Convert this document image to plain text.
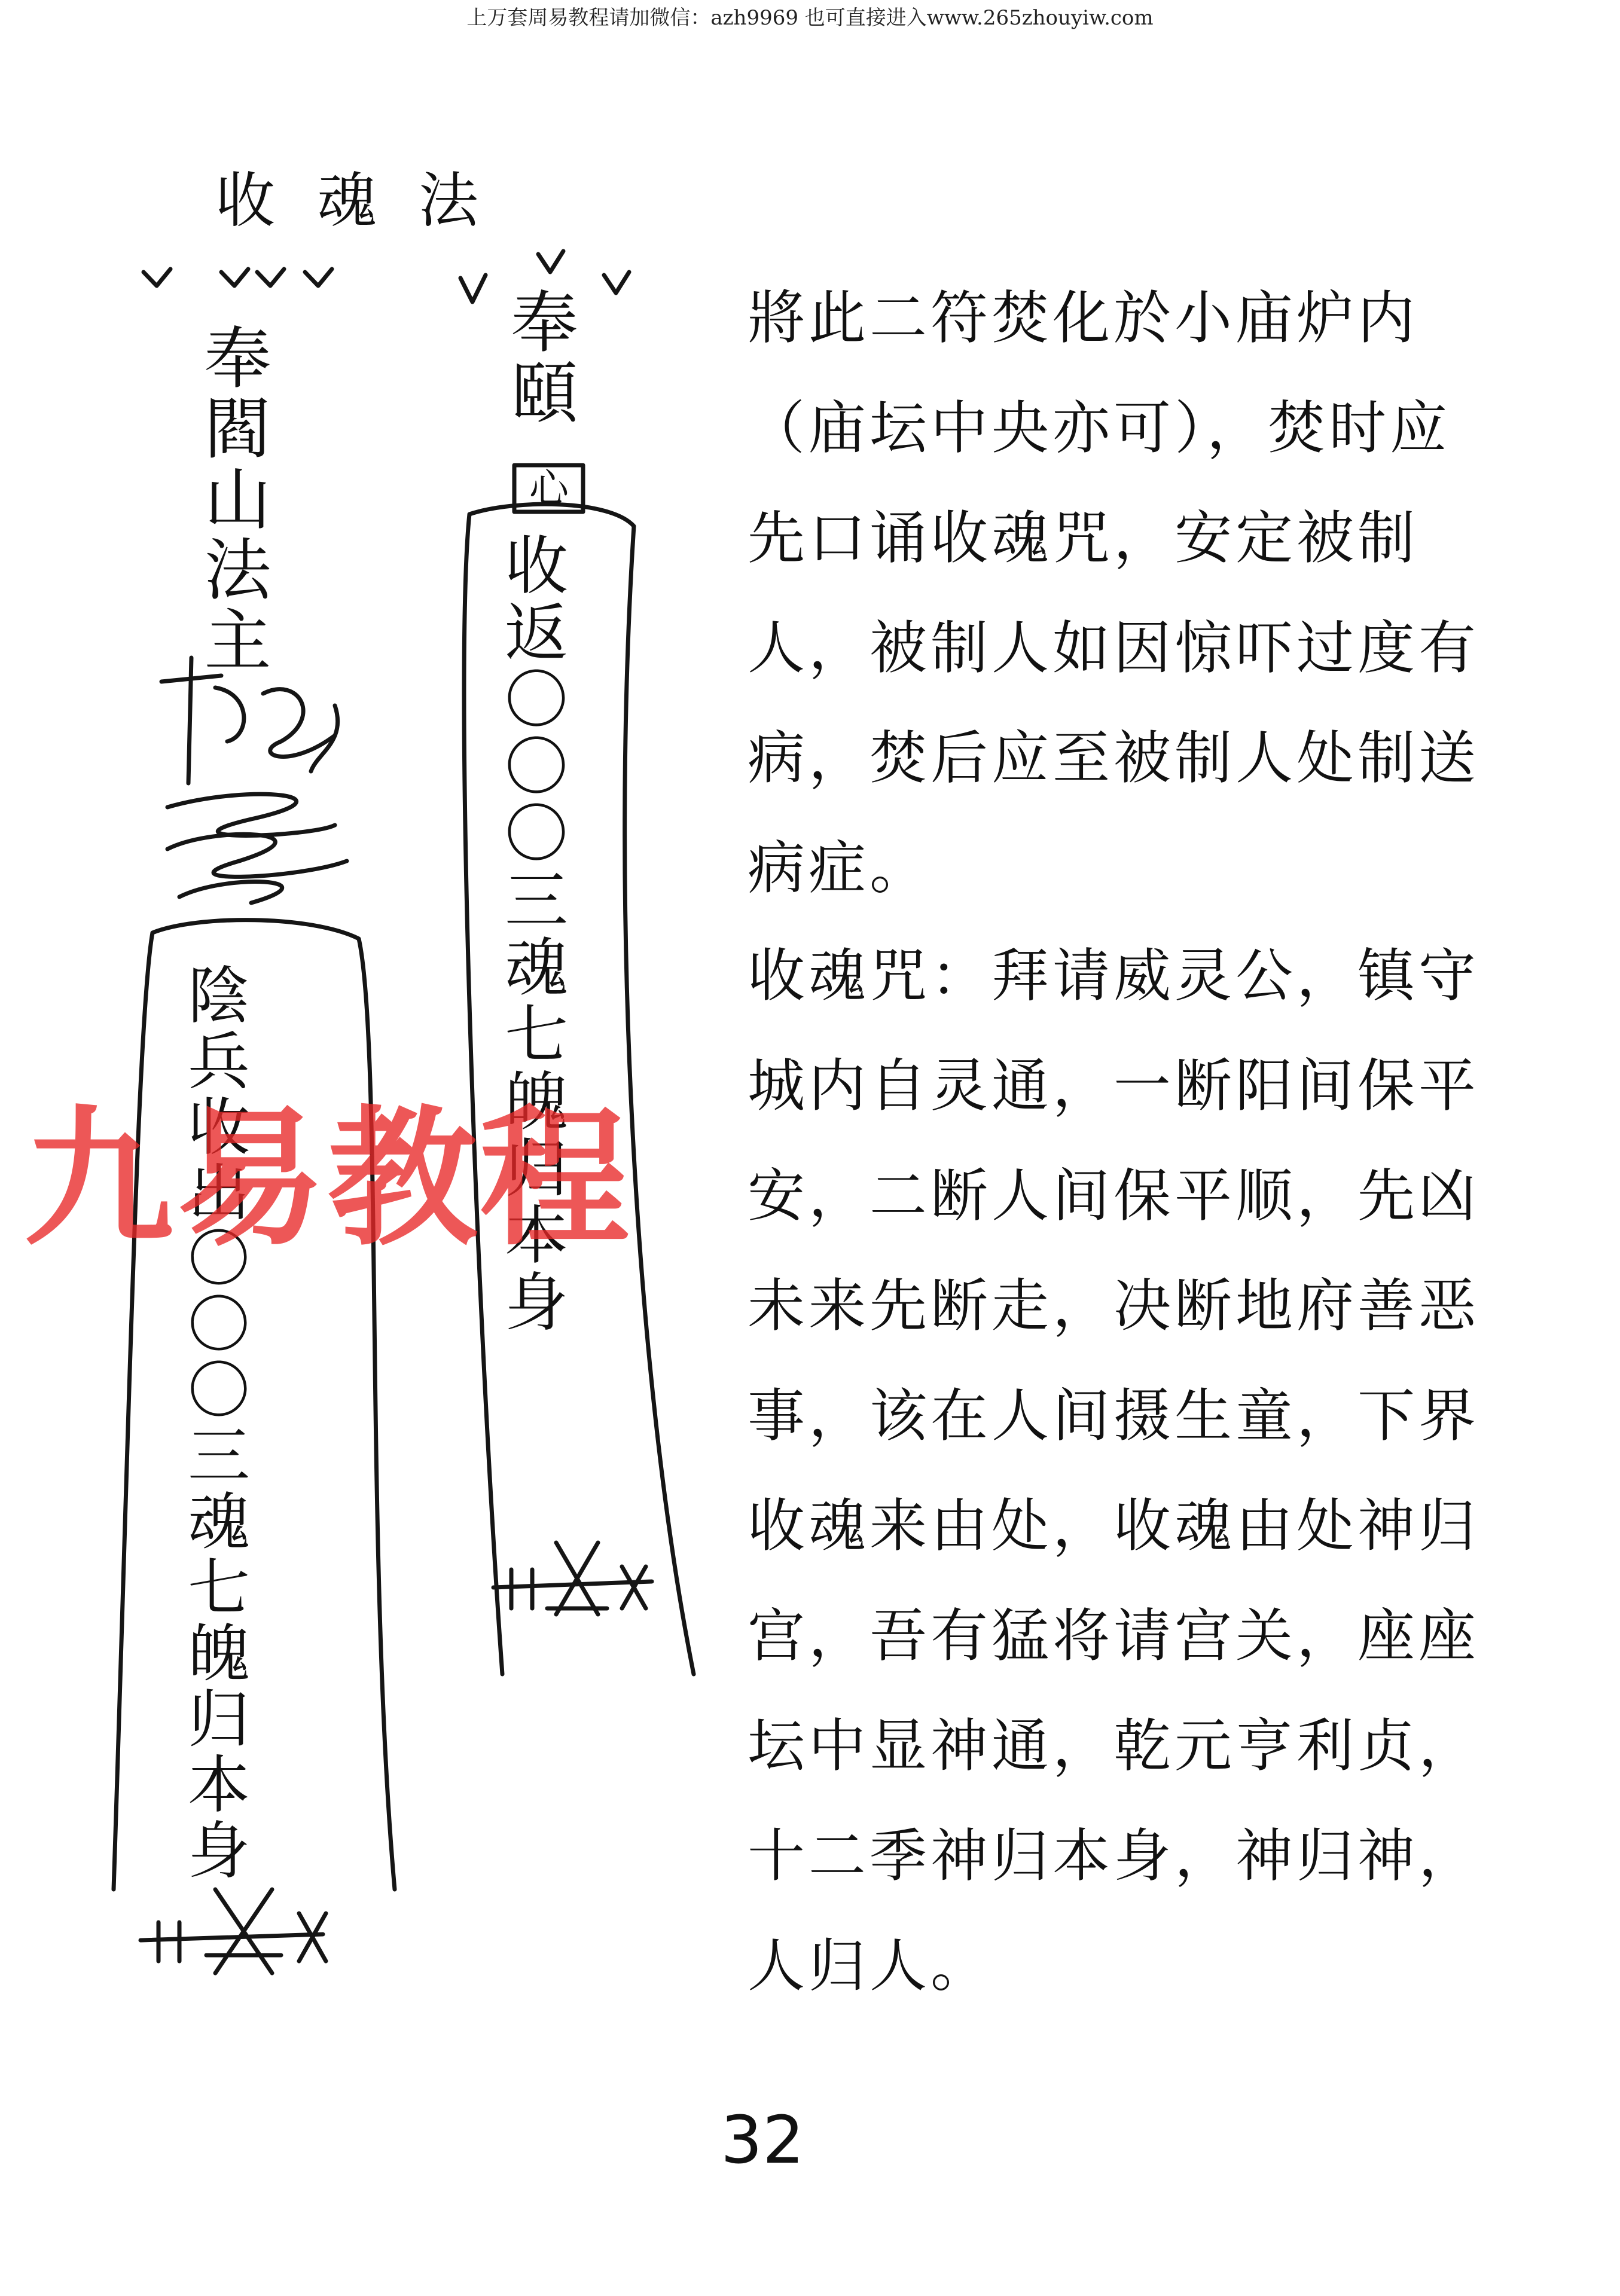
上万套周易教程请加微信：azh9969 也可直接进入www.265zhouyiw.com
收魂法
奉閻山法主
陰兵收出〇〇〇三魂七魄归本身
奉頤
心
收返〇〇〇三魂七魄归本身

將此二符焚化於小庙炉内（庙坛中央亦可），焚时应先口诵收魂咒，安定被制人，被制人如因惊吓过度有病，焚后应至被制人处制送病症。

收魂咒：拜请威灵公，镇守城内自灵通，一断阳间保平安，二断人间保平顺，先凶未来先断走，决断地府善恶事，该在人间摄生童，下界收魂来由处，收魂由处神归宫，吾有猛将请宫关，座座坛中显神通，乾元亨利贞，十二季神归本身，神归神，人归人。

九易教程
32
